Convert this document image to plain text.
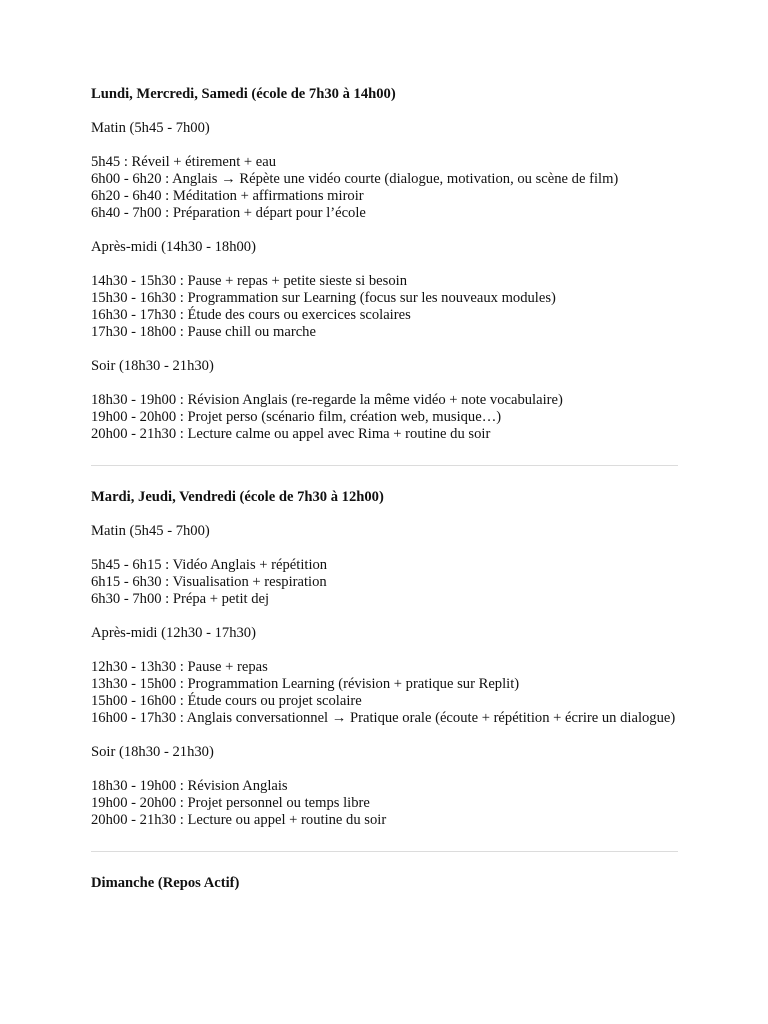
Lundi, Mercredi, Samedi (école de 7h30 à 14h00)

Matin (5h45 - 7h00)
5h45 : Réveil + étirement + eau
6h00 - 6h20 : Anglais → Répète une vidéo courte (dialogue, motivation, ou scène de film)
6h20 - 6h40 : Méditation + affirmations miroir
6h40 - 7h00 : Préparation + départ pour l’école
Après-midi (14h30 - 18h00)
14h30 - 15h30 : Pause + repas + petite sieste si besoin
15h30 - 16h30 : Programmation sur Learning (focus sur les nouveaux modules)
16h30 - 17h30 : Étude des cours ou exercices scolaires
17h30 - 18h00 : Pause chill ou marche
Soir (18h30 - 21h30)
18h30 - 19h00 : Révision Anglais (re-regarde la même vidéo + note vocabulaire)
19h00 - 20h00 : Projet perso (scénario film, création web, musique…)
20h00 - 21h30 : Lecture calme ou appel avec Rima + routine du soir

Mardi, Jeudi, Vendredi (école de 7h30 à 12h00)

Matin (5h45 - 7h00)
5h45 - 6h15 : Vidéo Anglais + répétition
6h15 - 6h30 : Visualisation + respiration
6h30 - 7h00 : Prépa + petit dej
Après-midi (12h30 - 17h30)
12h30 - 13h30 : Pause + repas
13h30 - 15h00 : Programmation Learning (révision + pratique sur Replit)
15h00 - 16h00 : Étude cours ou projet scolaire
16h00 - 17h30 : Anglais conversationnel → Pratique orale (écoute + répétition + écrire un dialogue)
Soir (18h30 - 21h30)
18h30 - 19h00 : Révision Anglais
19h00 - 20h00 : Projet personnel ou temps libre
20h00 - 21h30 : Lecture ou appel + routine du soir

Dimanche (Repos Actif)
